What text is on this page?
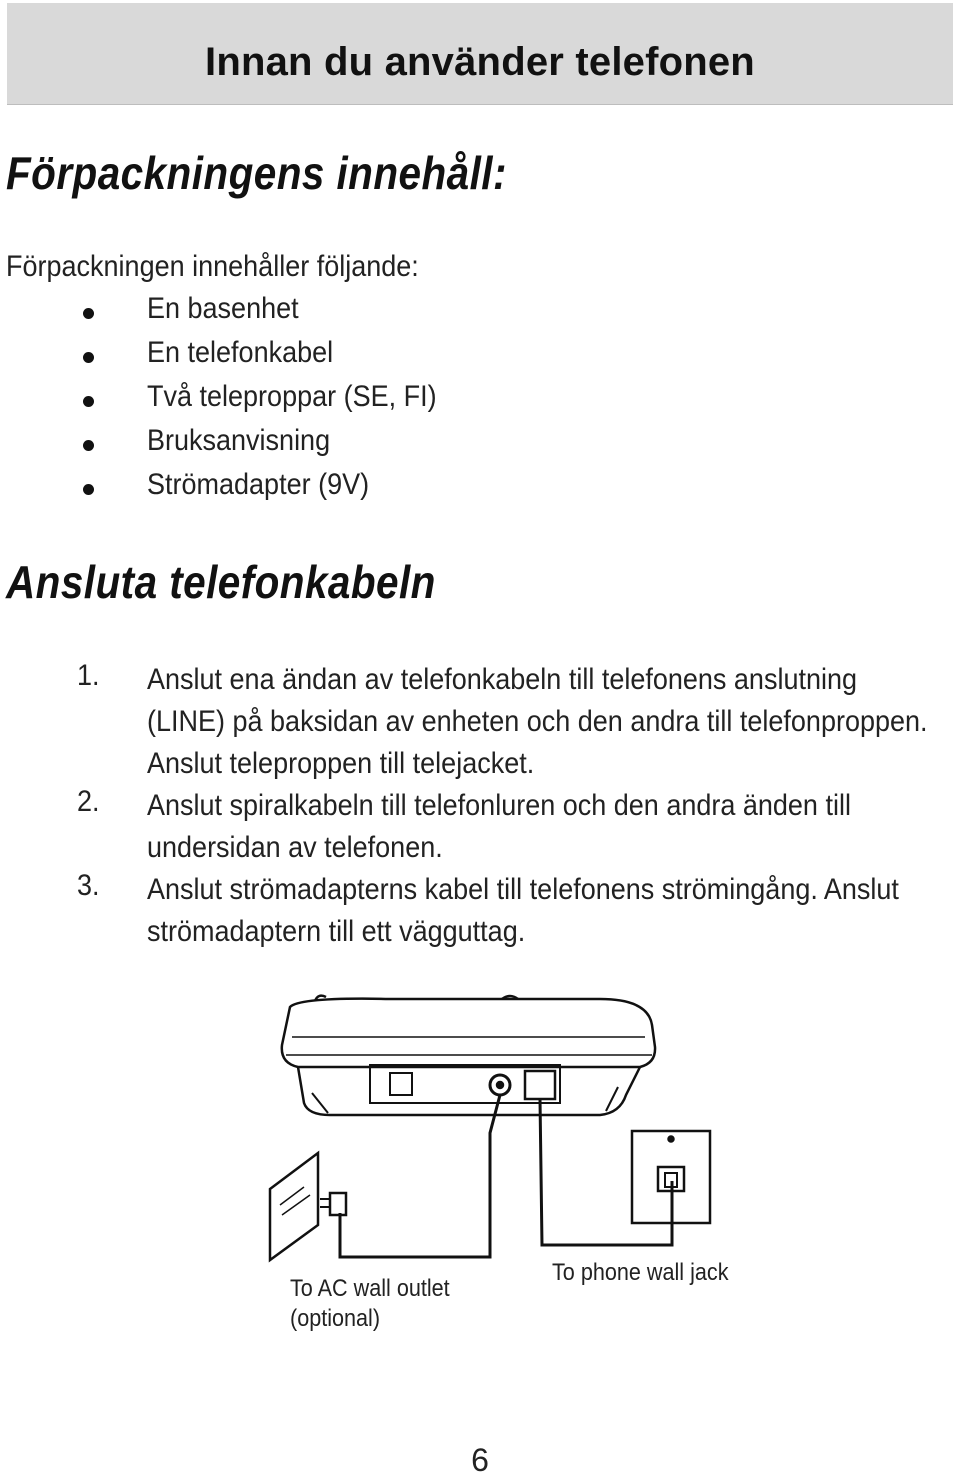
Innan du använder telefonen
Förpackningens innehåll:
Förpackningen innehåller följande:
En basenhet
En telefonkabel
Två teleproppar (SE, FI)
Bruksanvisning
Strömadapter (9V)
Ansluta telefonkabeln
1. Anslut ena ändan av telefonkabeln till telefonens anslutning (LINE) på baksidan av enheten och den andra till telefonproppen. Anslut teleproppen till telejacket.
2. Anslut spiralkabeln till telefonluren och den andra änden till undersidan av telefonen.
3. Anslut strömadapterns kabel till telefonens strömingång. Anslut strömadaptern till ett vägguttag.
To AC wall outlet
(optional)
To phone wall jack
6
